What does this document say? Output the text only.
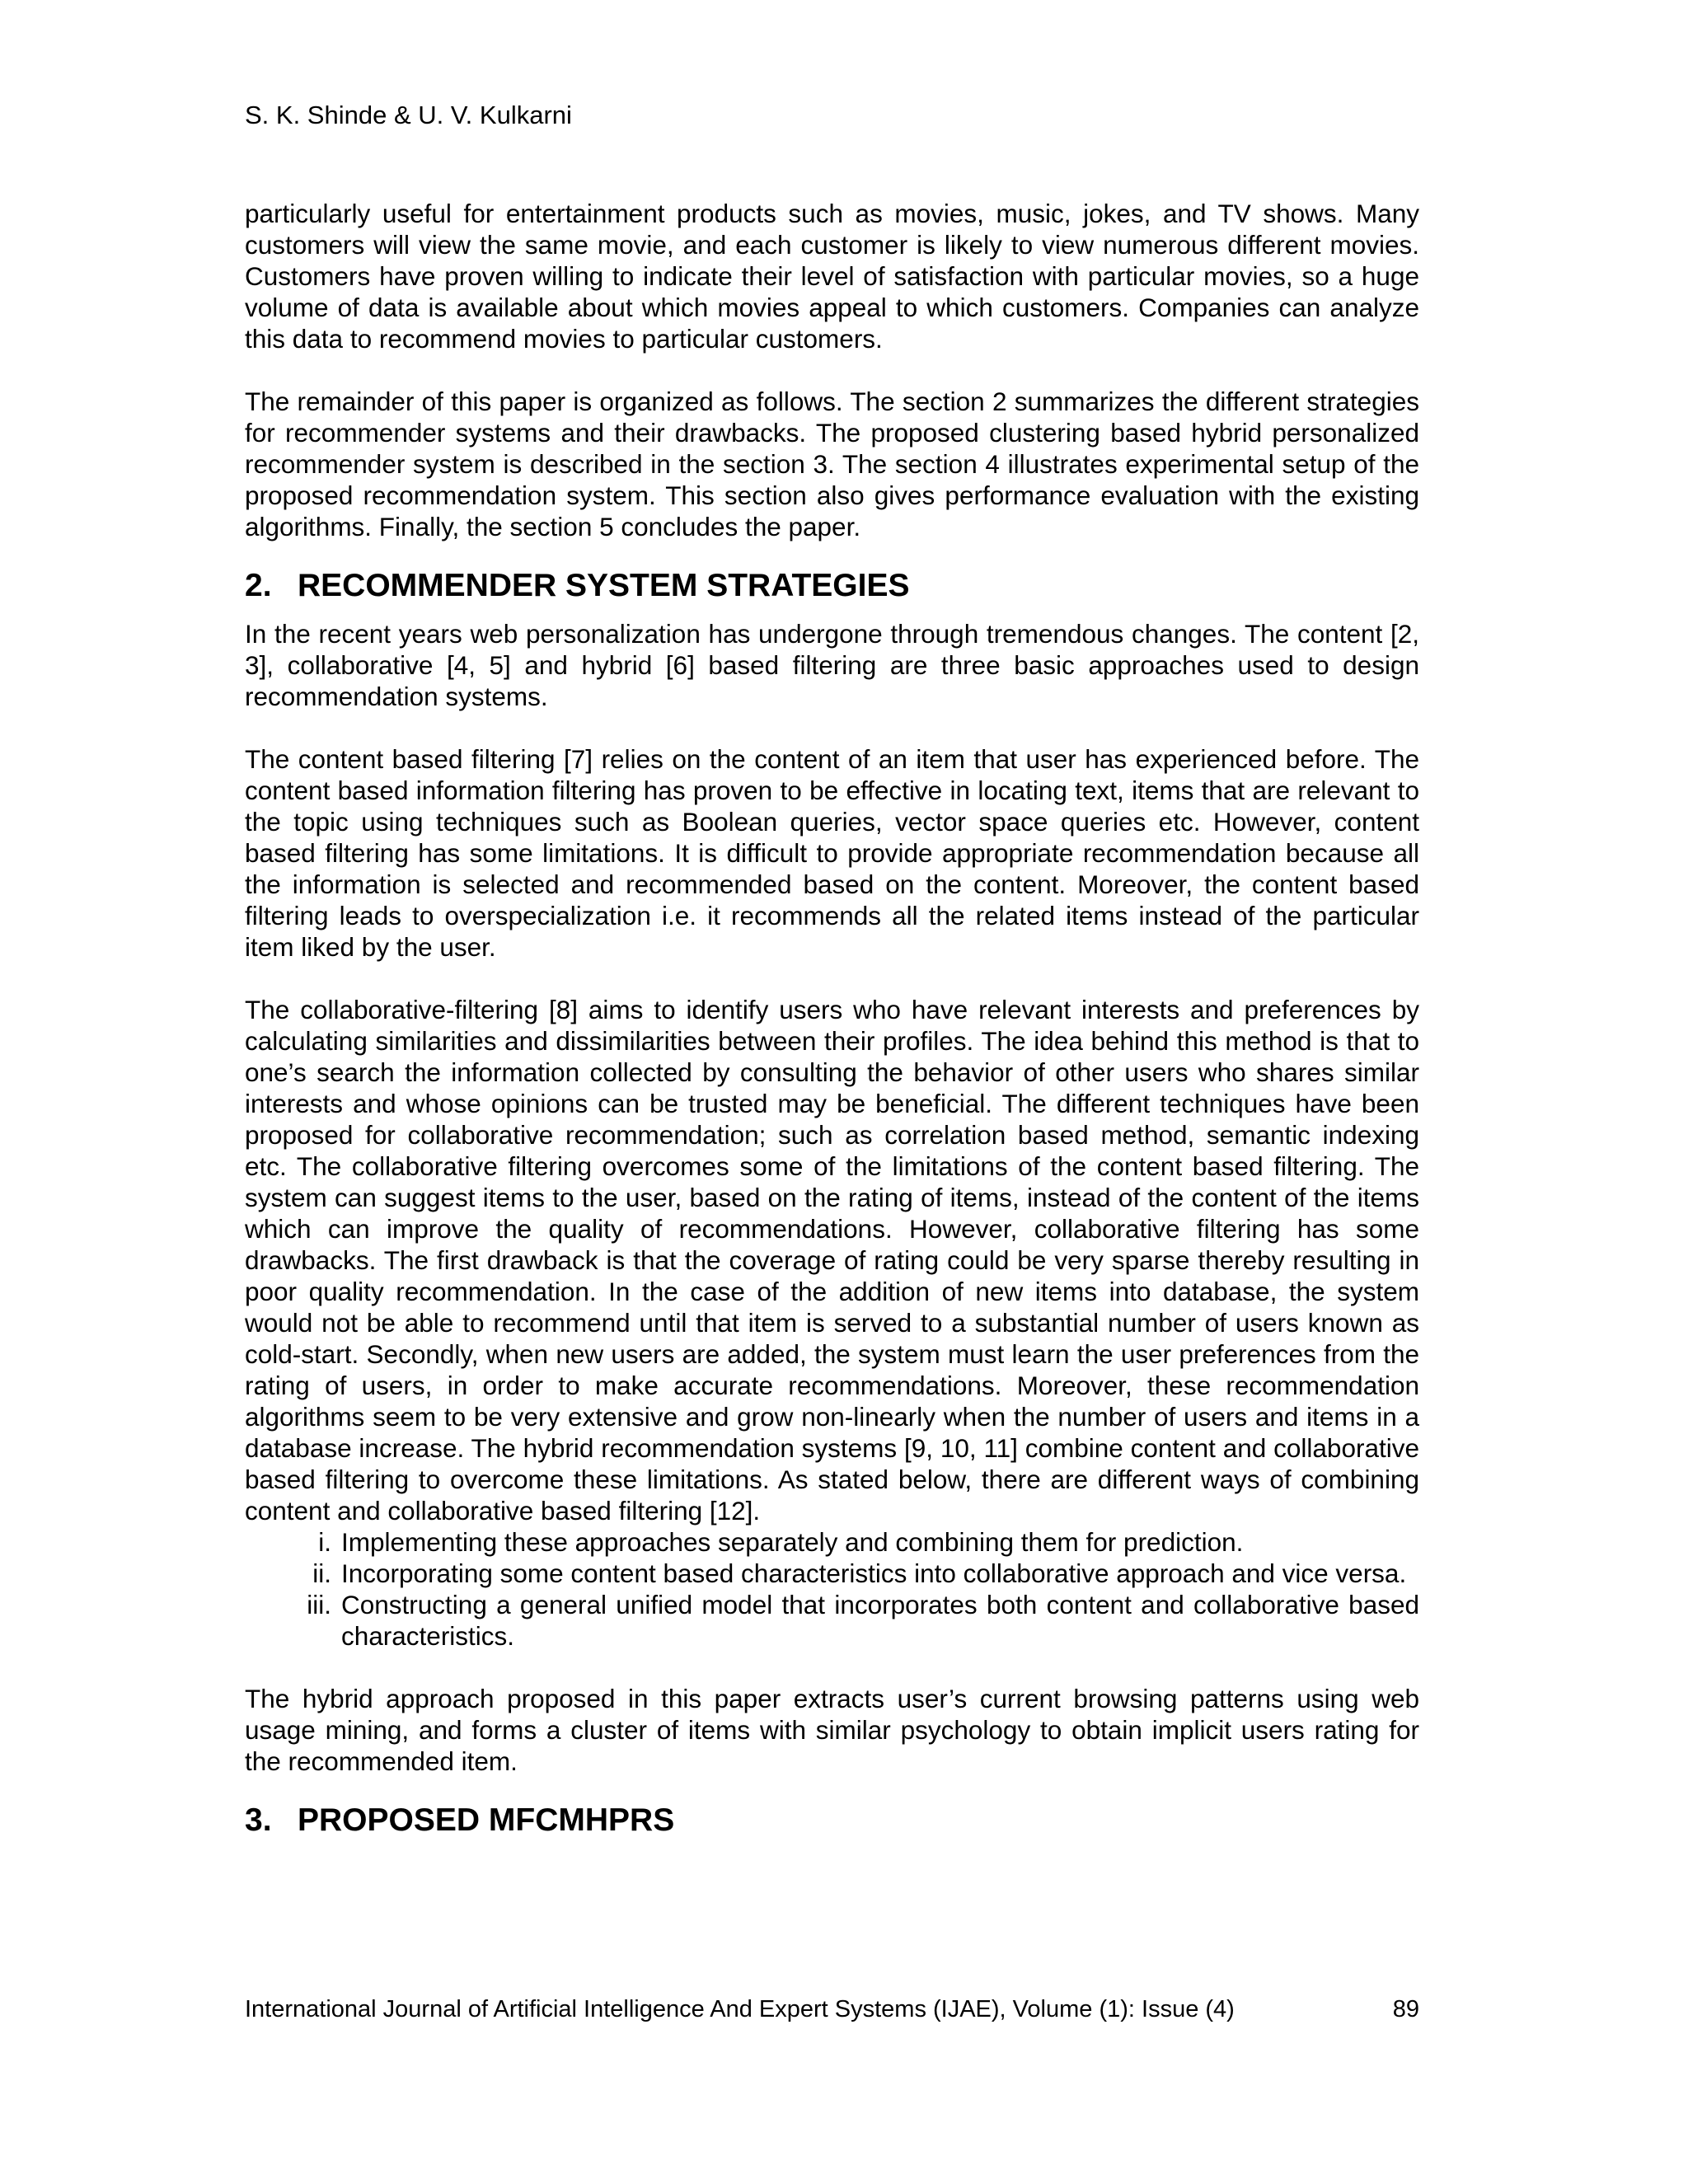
S. K. Shinde & U. V. Kulkarni

particularly useful for entertainment products such as movies, music, jokes, and TV shows. Many customers will view the same movie, and each customer is likely to view numerous different movies. Customers have proven willing to indicate their level of satisfaction with particular movies, so a huge volume of data is available about which movies appeal to which customers. Companies can analyze this data to recommend movies to particular customers.

The remainder of this paper is organized as follows. The section 2 summarizes the different strategies for recommender systems and their drawbacks. The proposed clustering based hybrid personalized recommender system is described in the section 3. The section 4 illustrates experimental setup of the proposed recommendation system. This section also gives performance evaluation with the existing algorithms. Finally, the section 5 concludes the paper.

2. RECOMMENDER SYSTEM STRATEGIES

In the recent years web personalization has undergone through tremendous changes. The content [2, 3], collaborative [4, 5] and hybrid [6] based filtering are three basic approaches used to design recommendation systems.

The content based filtering [7] relies on the content of an item that user has experienced before. The content based information filtering has proven to be effective in locating text, items that are relevant to the topic using techniques such as Boolean queries, vector space queries etc. However, content based filtering has some limitations. It is difficult to provide appropriate recommendation because all the information is selected and recommended based on the content. Moreover, the content based filtering leads to overspecialization i.e. it recommends all the related items instead of the particular item liked by the user.

The collaborative-filtering [8] aims to identify users who have relevant interests and preferences by calculating similarities and dissimilarities between their profiles. The idea behind this method is that to one’s search the information collected by consulting the behavior of other users who shares similar interests and whose opinions can be trusted may be beneficial. The different techniques have been proposed for collaborative recommendation; such as correlation based method, semantic indexing etc. The collaborative filtering overcomes some of the limitations of the content based filtering. The system can suggest items to the user, based on the rating of items, instead of the content of the items which can improve the quality of recommendations. However, collaborative filtering has some drawbacks. The first drawback is that the coverage of rating could be very sparse thereby resulting in poor quality recommendation. In the case of the addition of new items into database, the system would not be able to recommend until that item is served to a substantial number of users known as cold-start. Secondly, when new users are added, the system must learn the user preferences from the rating of users, in order to make accurate recommendations. Moreover, these recommendation algorithms seem to be very extensive and grow non-linearly when the number of users and items in a database increase. The hybrid recommendation systems [9, 10, 11] combine content and collaborative based filtering to overcome these limitations. As stated below, there are different ways of combining content and collaborative based filtering [12].

i. Implementing these approaches separately and combining them for prediction.
ii. Incorporating some content based characteristics into collaborative approach and vice versa.
iii. Constructing a general unified model that incorporates both content and collaborative based characteristics.

The hybrid approach proposed in this paper extracts user’s current browsing patterns using web usage mining, and forms a cluster of items with similar psychology to obtain implicit users rating for the recommended item.

3. PROPOSED MFCMHPRS
International Journal of Artificial Intelligence And Expert Systems (IJAE), Volume (1): Issue (4)	89
